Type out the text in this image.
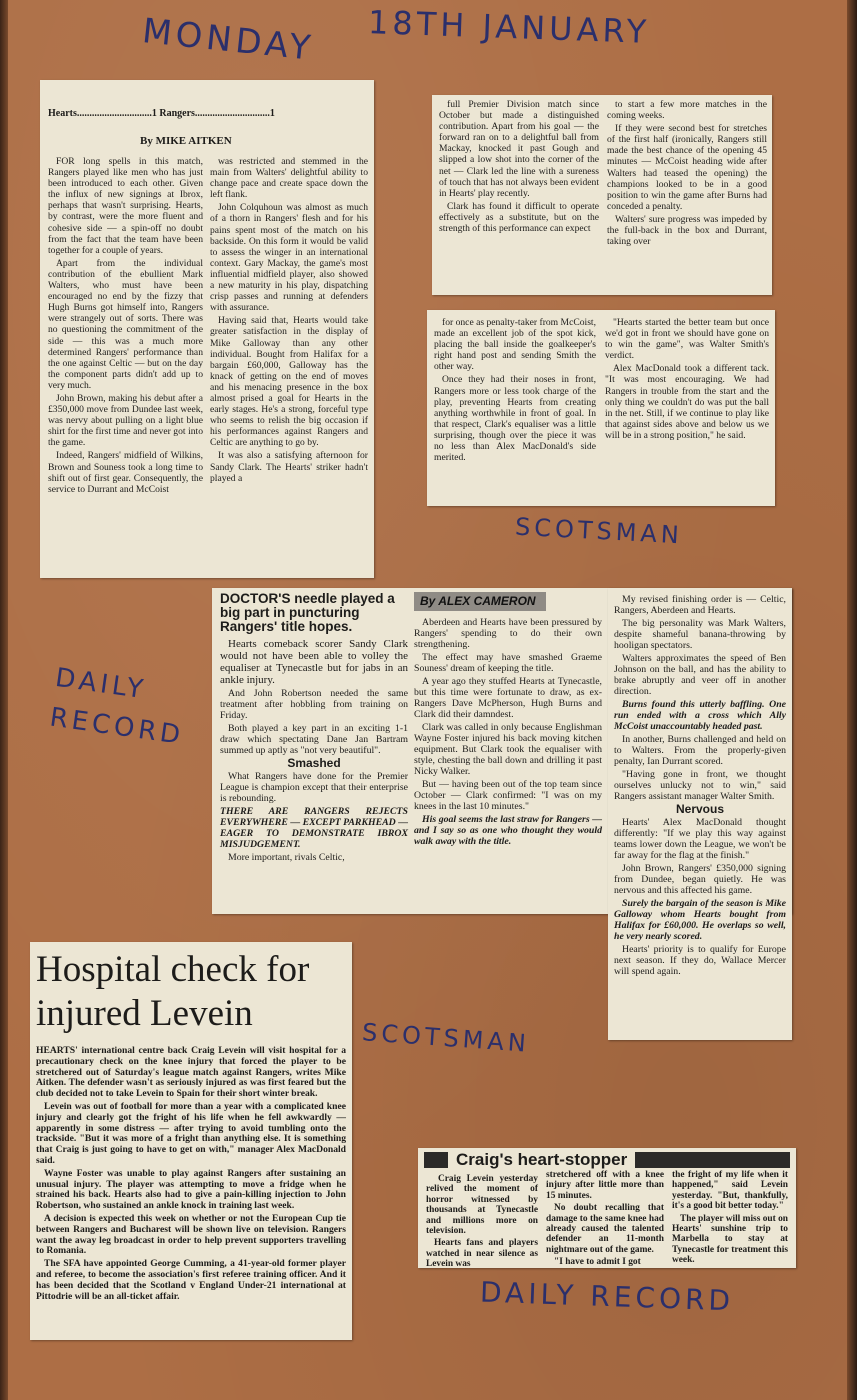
MONDAY 18TH JANUARY
Hearts..............................1 Rangers..............................1
By MIKE AITKEN

FOR long spells in this match, Rangers played like men who has just been introduced to each other. Given the influx of new signings at Ibrox, perhaps that wasn't surprising. Hearts, by contrast, were the more fluent and cohesive side — a spin-off no doubt from the fact that the team have been together for a couple of years.

Apart from the individual contribution of the ebullient Mark Walters, who must have been encouraged no end by the fizzy that Hugh Burns got himself into, Rangers were strangely out of sorts. There was no questioning the commitment of the side — this was a much more determined Rangers' performance than the one against Celtic — but on the day the component parts didn't add up to very much.

John Brown, making his debut after a £350,000 move from Dundee last week, was nervy about pulling on a light blue shirt for the first time and never got into the game.

Indeed, Rangers' midfield of Wilkins, Brown and Souness took a long time to shift out of first gear. Consequently, the service to Durrant and McCoist

was restricted and stemmed in the main from Walters' delightful ability to change pace and create space down the left flank.

John Colquhoun was almost as much of a thorn in Rangers' flesh and for his pains spent most of the match on his backside. On this form it would be valid to assess the winger in an international context. Gary Mackay, the game's most influential midfield player, also showed a new maturity in his play, dispatching crisp passes and running at defenders with assurance.

Having said that, Hearts would take greater satisfaction in the display of Mike Galloway than any other individual. Bought from Halifax for a bargain £60,000, Galloway has the knack of getting on the end of moves and his menacing presence in the box almost prised a goal for Hearts in the early stages. He's a strong, forceful type who seems to relish the big occasion if his performances against Rangers and Celtic are anything to go by.

It was also a satisfying afternoon for Sandy Clark. The Hearts' striker hadn't played a

full Premier Division match since October but made a distinguished contribution. Apart from his goal — the forward ran on to a delightful ball from Mackay, knocked it past Gough and slipped a low shot into the corner of the net — Clark led the line with a sureness of touch that has not always been evident in Hearts' play recently.

Clark has found it difficult to operate effectively as a substitute, but on the strength of this performance can expect

to start a few more matches in the coming weeks.

If they were second best for stretches of the first half (ironically, Rangers still made the best chance of the opening 45 minutes — McCoist heading wide after Walters had teased the opening) the champions looked to be in a good position to win the game after Burns had conceded a penalty.

Walters' sure progress was impeded by the full-back in the box and Durrant, taking over

for once as penalty-taker from McCoist, made an excellent job of the spot kick, placing the ball inside the goalkeeper's right hand post and sending Smith the other way.

Once they had their noses in front, Rangers more or less took charge of the play, preventing Hearts from creating anything worthwhile in front of goal. In that respect, Clark's equaliser was a little surprising, though over the piece it was no less than Alex MacDonald's side merited.

"Hearts started the better team but once we'd got in front we should have gone on to win the game", was Walter Smith's verdict.

Alex MacDonald took a different tack. "It was most encouraging. We had Rangers in trouble from the start and the only thing we couldn't do was put the ball in the net. Still, if we continue to play like that against sides above and below us we will be in a strong position," he said.

SCOTSMAN
DOCTOR'S needle played a big part in puncturing Rangers' title hopes.

Hearts comeback scorer Sandy Clark would not have been able to volley the equaliser at Tynecastle but for jabs in an ankle injury.

And John Robertson needed the same treatment after hobbling from training on Friday.

Both played a key part in an exciting 1-1 draw which spectating Dane Jan Bartram summed up aptly as "not very beautiful".

Smashed

What Rangers have done for the Premier League is champion except that their enterprise is rebounding.

THERE ARE RANGERS REJECTS EVERYWHERE — EXCEPT PARKHEAD — EAGER TO DEMONSTRATE IBROX MISJUDGEMENT.

More important, rivals Celtic,

By ALEX CAMERON

Aberdeen and Hearts have been pressured by Rangers' spending to do their own strengthening.

The effect may have smashed Graeme Souness' dream of keeping the title.

A year ago they stuffed Hearts at Tynecastle, but this time were fortunate to draw, as ex-Rangers Dave McPherson, Hugh Burns and Clark did their damndest.

Clark was called in only because Englishman Wayne Foster injured his back moving kitchen equipment. But Clark took the equaliser with style, chesting the ball down and drilling it past Nicky Walker.

But — having been out of the top team since October — Clark confirmed: "I was on my knees in the last 10 minutes."

His goal seems the last straw for Rangers — and I say so as one who thought they would walk away with the title.

My revised finishing order is — Celtic, Rangers, Aberdeen and Hearts.

The big personality was Mark Walters, despite shameful banana-throwing by hooligan spectators.

Walters approximates the speed of Ben Johnson on the ball, and has the ability to brake abruptly and veer off in another direction.

Burns found this utterly baffling. One run ended with a cross which Ally McCoist unaccountably headed past.

In another, Burns challenged and held on to Walters. From the properly-given penalty, Ian Durrant scored.

"Having gone in front, we thought ourselves unlucky not to win," said Rangers assistant manager Walter Smith.

Nervous

Hearts' Alex MacDonald thought differently: "If we play this way against teams lower down the League, we won't be far away for the flag at the finish."

John Brown, Rangers' £350,000 signing from Dundee, began quietly. He was nervous and this affected his game.

Surely the bargain of the season is Mike Galloway whom Hearts bought from Halifax for £60,000. He overlaps so well, he very nearly scored.

Hearts' priority is to qualify for Europe next season. If they do, Wallace Mercer will spend again.

DAILY RECORD
Hospital check for injured Levein

HEARTS' international centre back Craig Levein will visit hospital for a precautionary check on the knee injury that forced the player to be stretchered out of Saturday's league match against Rangers, writes Mike Aitken. The defender wasn't as seriously injured as was first feared but the club decided not to take Levein to Spain for their short winter break.

Levein was out of football for more than a year with a complicated knee injury and clearly got the fright of his life when he fell awkwardly — apparently in some distress — after trying to avoid tumbling onto the trackside. "But it was more of a fright than anything else. It is something that Craig is just going to have to get on with," manager Alex MacDonald said.

Wayne Foster was unable to play against Rangers after sustaining an unusual injury. The player was attempting to move a fridge when he strained his back. Hearts also had to give a pain-killing injection to John Robertson, who sustained an ankle knock in training last week.

A decision is expected this week on whether or not the European Cup tie between Rangers and Bucharest will be shown live on television. Rangers want the away leg broadcast in order to help prevent supporters travelling to Romania.

The SFA have appointed George Cumming, a 41-year-old former player and referee, to become the association's first referee training officer. And it has been decided that the Scotland v England Under-21 international at Pittodrie will be an all-ticket affair.

SCOTSMAN
Craig's heart-stopper

Craig Levein yesterday relived the moment of horror witnessed by thousands at Tynecastle and millions more on television.

Hearts fans and players watched in near silence as Levein was

stretchered off with a knee injury after little more than 15 minutes.

No doubt recalling that damage to the same knee had already caused the talented defender an 11-month nightmare out of the game.

"I have to admit I got

the fright of my life when it happened," said Levein yesterday. "But, thankfully, it's a good bit better today."

The player will miss out on Hearts' sunshine trip to Marbella to stay at Tynecastle for treatment this week.

DAILY RECORD
